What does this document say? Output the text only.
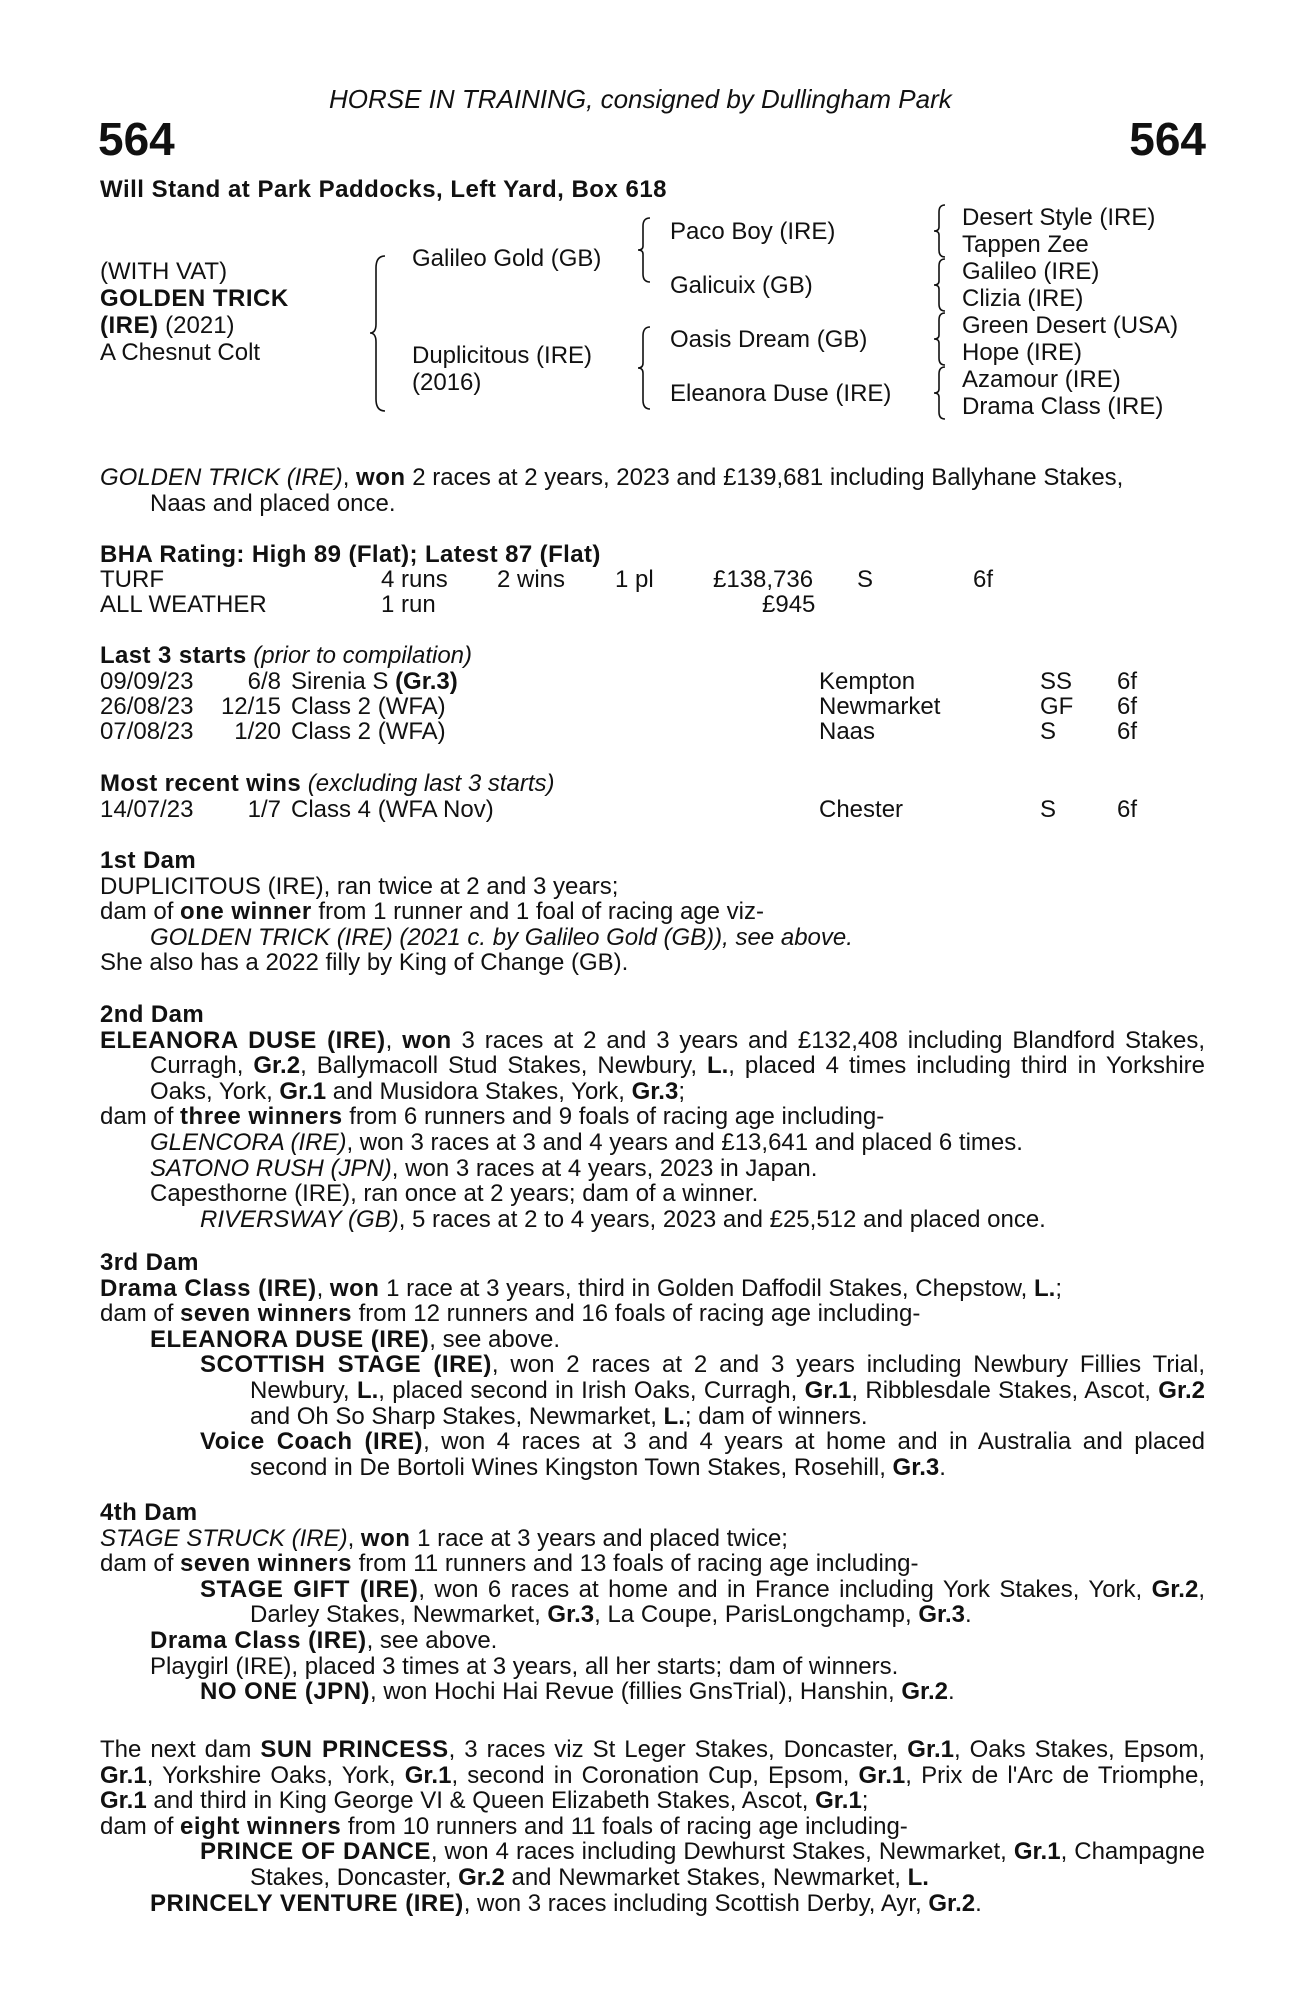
HORSE IN TRAINING, consigned by Dullingham Park
564	564
Will Stand at Park Paddocks, Left Yard, Box 618
(WITH VAT)
GOLDEN TRICK
(IRE) (2021)
A Chesnut Colt
Galileo Gold (GB)
Duplicitous (IRE)
(2016)
Paco Boy (IRE)
Galicuix (GB)
Oasis Dream (GB)
Eleanora Duse (IRE)
Desert Style (IRE)
Tappen Zee
Galileo (IRE)
Clizia (IRE)
Green Desert (USA)
Hope (IRE)
Azamour (IRE)
Drama Class (IRE)

GOLDEN TRICK (IRE), won 2 races at 2 years, 2023 and £139,681 including Ballyhane Stakes,

Naas and placed once.

BHA Rating: High 89 (Flat); Latest 87 (Flat)
TURF	4 runs 2 wins 1 pl £138,736 S	6f
ALL WEATHER	1 run	£945
Last 3 starts (prior to compilation)
09/09/23 6/8 Sirenia S (Gr.3)	Kempton	SS 6f
26/08/23 12/15 Class 2 (WFA)	Newmarket	GF 6f
07/08/23 1/20 Class 2 (WFA)	Naas	S	6f
Most recent wins (excluding last 3 starts)
14/07/23 1/7 Class 4 (WFA Nov)	Chester	S	6f

1st Dam

DUPLICITOUS (IRE), ran twice at 2 and 3 years;

dam of one winner from 1 runner and 1 foal of racing age viz-

GOLDEN TRICK (IRE) (2021 c. by Galileo Gold (GB)), see above.

She also has a 2022 filly by King of Change (GB).

2nd Dam

ELEANORA DUSE (IRE), won 3 races at 2 and 3 years and £132,408 including Blandford Stakes, Curragh, Gr.2, Ballymacoll Stud Stakes, Newbury, L., placed 4 times including third in Yorkshire Oaks, York, Gr.1 and Musidora Stakes, York, Gr.3;

dam of three winners from 6 runners and 9 foals of racing age including-

GLENCORA (IRE), won 3 races at 3 and 4 years and £13,641 and placed 6 times.

SATONO RUSH (JPN), won 3 races at 4 years, 2023 in Japan.

Capesthorne (IRE), ran once at 2 years; dam of a winner.

RIVERSWAY (GB), 5 races at 2 to 4 years, 2023 and £25,512 and placed once.

3rd Dam

Drama Class (IRE), won 1 race at 3 years, third in Golden Daffodil Stakes, Chepstow, L.;

dam of seven winners from 12 runners and 16 foals of racing age including-

ELEANORA DUSE (IRE), see above.

SCOTTISH STAGE (IRE), won 2 races at 2 and 3 years including Newbury Fillies Trial, Newbury, L., placed second in Irish Oaks, Curragh, Gr.1, Ribblesdale Stakes, Ascot, Gr.2 and Oh So Sharp Stakes, Newmarket, L.; dam of winners.

Voice Coach (IRE), won 4 races at 3 and 4 years at home and in Australia and placed second in De Bortoli Wines Kingston Town Stakes, Rosehill, Gr.3.

4th Dam

STAGE STRUCK (IRE), won 1 race at 3 years and placed twice;

dam of seven winners from 11 runners and 13 foals of racing age including-

STAGE GIFT (IRE), won 6 races at home and in France including York Stakes, York, Gr.2, Darley Stakes, Newmarket, Gr.3, La Coupe, ParisLongchamp, Gr.3.

Drama Class (IRE), see above.

Playgirl (IRE), placed 3 times at 3 years, all her starts; dam of winners.

NO ONE (JPN), won Hochi Hai Revue (fillies GnsTrial), Hanshin, Gr.2.

The next dam SUN PRINCESS, 3 races viz St Leger Stakes, Doncaster, Gr.1, Oaks Stakes, Epsom, Gr.1, Yorkshire Oaks, York, Gr.1, second in Coronation Cup, Epsom, Gr.1, Prix de l'Arc de Triomphe, Gr.1 and third in King George VI & Queen Elizabeth Stakes, Ascot, Gr.1;

dam of eight winners from 10 runners and 11 foals of racing age including-

PRINCE OF DANCE, won 4 races including Dewhurst Stakes, Newmarket, Gr.1, Champagne Stakes, Doncaster, Gr.2 and Newmarket Stakes, Newmarket, L.

PRINCELY VENTURE (IRE), won 3 races including Scottish Derby, Ayr, Gr.2.
